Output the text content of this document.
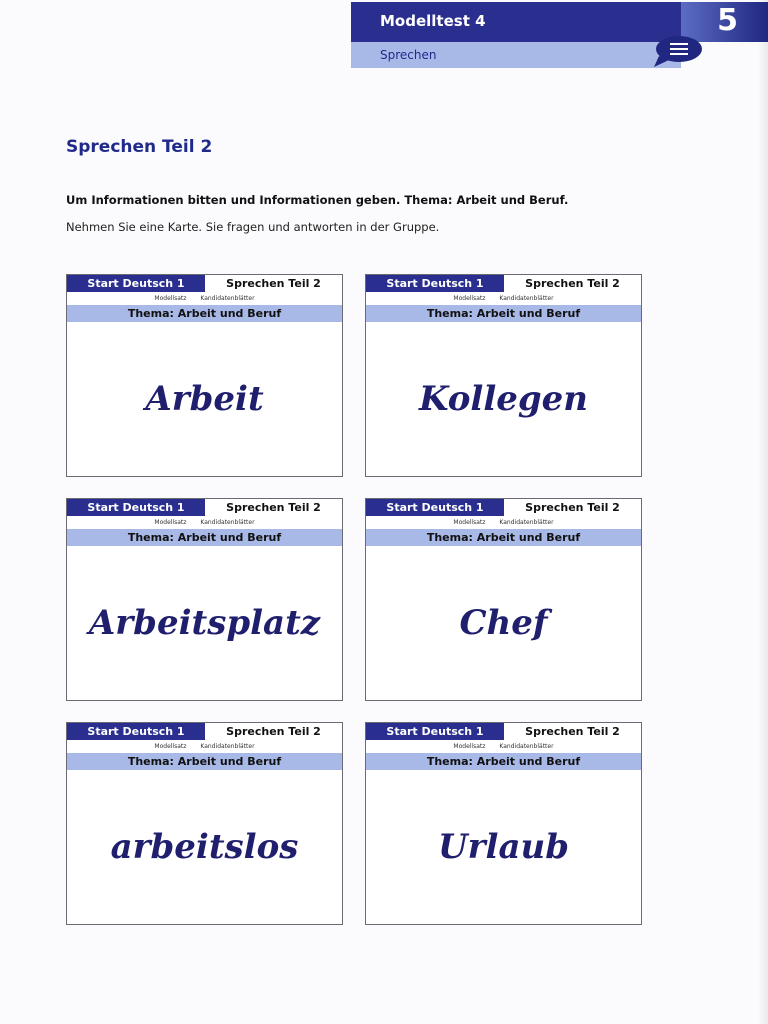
Modelltest 4
Sprechen
5
Sprechen Teil 2
Um Informationen bitten und Informationen geben. Thema: Arbeit und Beruf.
Nehmen Sie eine Karte. Sie fragen und antworten in der Gruppe.
Start Deutsch 1	Sprechen Teil 2
Modellsatz Kandidatenblätter
Thema: Arbeit und Beruf
Arbeit
Start Deutsch 1	Sprechen Teil 2
Modellsatz Kandidatenblätter
Thema: Arbeit und Beruf
Kollegen
Start Deutsch 1	Sprechen Teil 2
Modellsatz Kandidatenblätter
Thema: Arbeit und Beruf
Arbeitsplatz
Start Deutsch 1	Sprechen Teil 2
Modellsatz Kandidatenblätter
Thema: Arbeit und Beruf
Chef
Start Deutsch 1	Sprechen Teil 2
Modellsatz Kandidatenblätter
Thema: Arbeit und Beruf
arbeitslos
Start Deutsch 1	Sprechen Teil 2
Modellsatz Kandidatenblätter
Thema: Arbeit und Beruf
Urlaub
